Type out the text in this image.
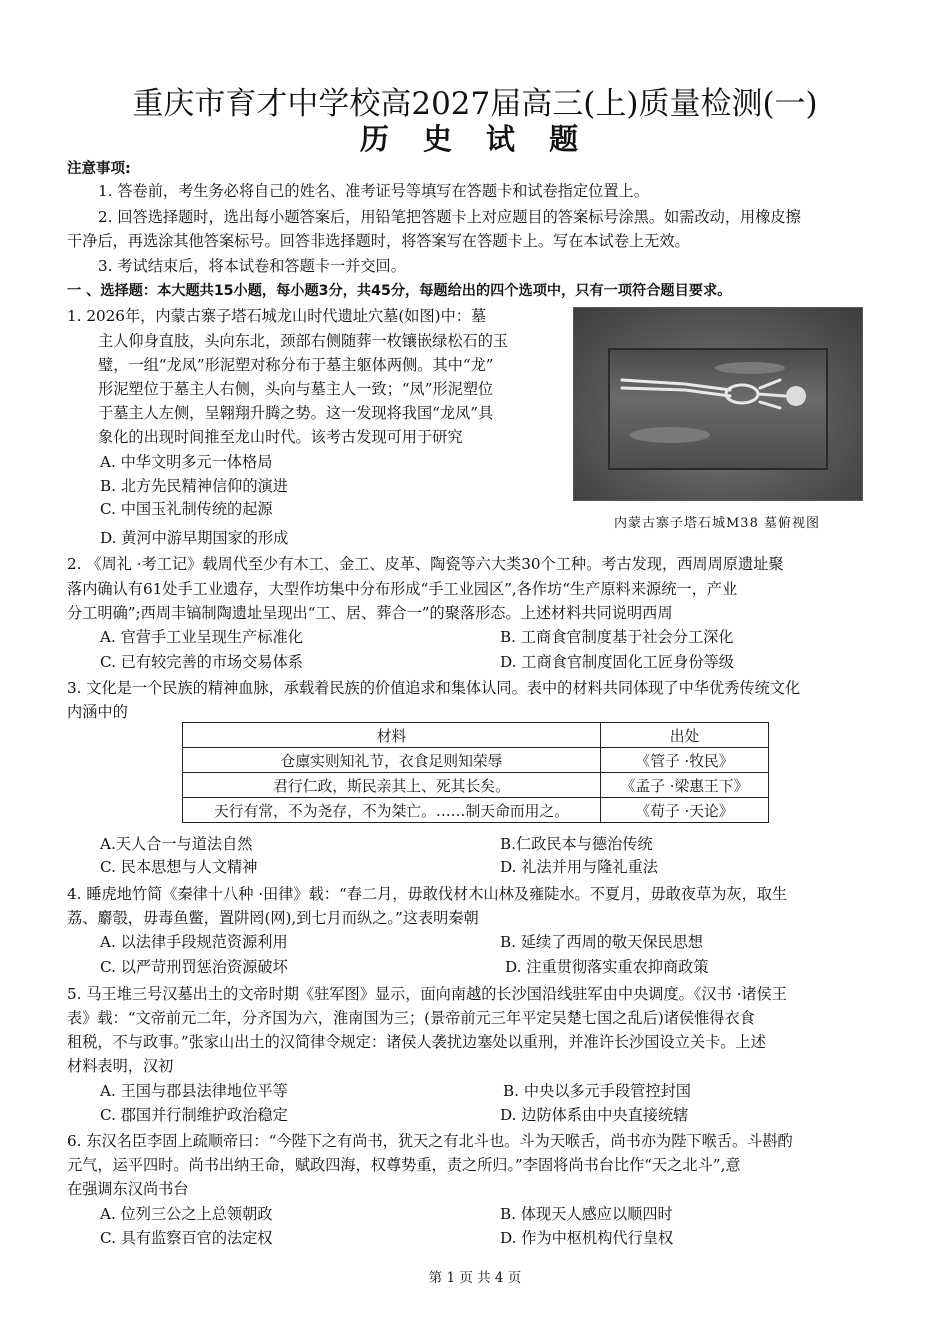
重庆市育才中学校高2027届高三(上)质量检测(一)
历 史 试 题
注意事项:
1. 答卷前，考生务必将自己的姓名、准考证号等填写在答题卡和试卷指定位置上。
2. 回答选择题时，选出每小题答案后，用铅笔把答题卡上对应题目的答案标号涂黑。如需改动，用橡皮擦
干净后，再选涂其他答案标号。回答非选择题时，将答案写在答题卡上。写在本试卷上无效。
3. 考试结束后，将本试卷和答题卡一并交回。
一 、选择题：本大题共15小题，每小题3分，共45分，每题给出的四个选项中，只有一项符合题目要求。
1. 2026年，内蒙古寨子塔石城龙山时代遗址穴墓(如图)中：墓
主人仰身直肢，头向东北，颈部右侧随葬一枚镶嵌绿松石的玉
璧，一组“龙凤”形泥塑对称分布于墓主躯体两侧。其中“龙”
形泥塑位于墓主人右侧，头向与墓主人一致；“凤”形泥塑位
于墓主人左侧，呈翱翔升腾之势。这一发现将我国“龙凤”具
象化的出现时间推至龙山时代。该考古发现可用于研究
A. 中华文明多元一体格局
B. 北方先民精神信仰的演进
C. 中国玉礼制传统的起源
D. 黄河中游早期国家的形成
内蒙古寨子塔石城M38 墓俯视图
2. 《周礼 ·考工记》载周代至少有木工、金工、皮革、陶瓷等六大类30个工种。考古发现，西周周原遗址聚
落内确认有61处手工业遗存，大型作坊集中分布形成“手工业园区”,各作坊“生产原料来源统一，产业
分工明确”;西周丰镐制陶遗址呈现出“工、居、葬合一”的聚落形态。上述材料共同说明西周
A. 官营手工业呈现生产标准化	B. 工商食官制度基于社会分工深化
C. 已有较完善的市场交易体系	D. 工商食官制度固化工匠身份等级
3. 文化是一个民族的精神血脉，承载着民族的价值追求和集体认同。表中的材料共同体现了中华优秀传统文化
内涵中的
材料	出处
仓廪实则知礼节，衣食足则知荣辱	《管子 ·牧民》
君行仁政，斯民亲其上、死其长矣。	《孟子 ·梁惠王下》
天行有常，不为尧存，不为桀亡。……制天命而用之。	《荀子 ·天论》
A.天人合一与道法自然	B.仁政民本与德治传统
C. 民本思想与人文精神	D. 礼法并用与隆礼重法
4. 睡虎地竹简《秦律十八种 ·田律》载：“春二月，毋敢伐材木山林及雍陡水。不夏月，毋敢夜草为灰，取生
荔、麝彀，毋毒鱼鳖，置阱罔(网),到七月而纵之。”这表明秦朝
A. 以法律手段规范资源利用	B. 延续了西周的敬天保民思想
C. 以严苛刑罚惩治资源破坏	D. 注重贯彻落实重农抑商政策
5. 马王堆三号汉墓出土的文帝时期《驻军图》显示，面向南越的长沙国沿线驻军由中央调度。《汉书 ·诸侯王
表》载：“文帝前元二年，分齐国为六，淮南国为三；(景帝前元三年平定吴楚七国之乱后)诸侯惟得衣食
租税，不与政事。”张家山出土的汉简律令规定：诸侯人袭扰边塞处以重刑，并准许长沙国设立关卡。上述
材料表明，汉初
A. 王国与郡县法律地位平等	B. 中央以多元手段管控封国
C. 郡国并行制维护政治稳定	D. 边防体系由中央直接统辖
6. 东汉名臣李固上疏顺帝曰：“今陛下之有尚书，犹天之有北斗也。斗为天喉舌，尚书亦为陛下喉舌。斗斟酌
元气，运平四时。尚书出纳王命，赋政四海，权尊势重，责之所归。”李固将尚书台比作“天之北斗”,意
在强调东汉尚书台
A. 位列三公之上总领朝政	B. 体现天人感应以顺四时
C. 具有监察百官的法定权	D. 作为中枢机构代行皇权
第 1 页 共 4 页
